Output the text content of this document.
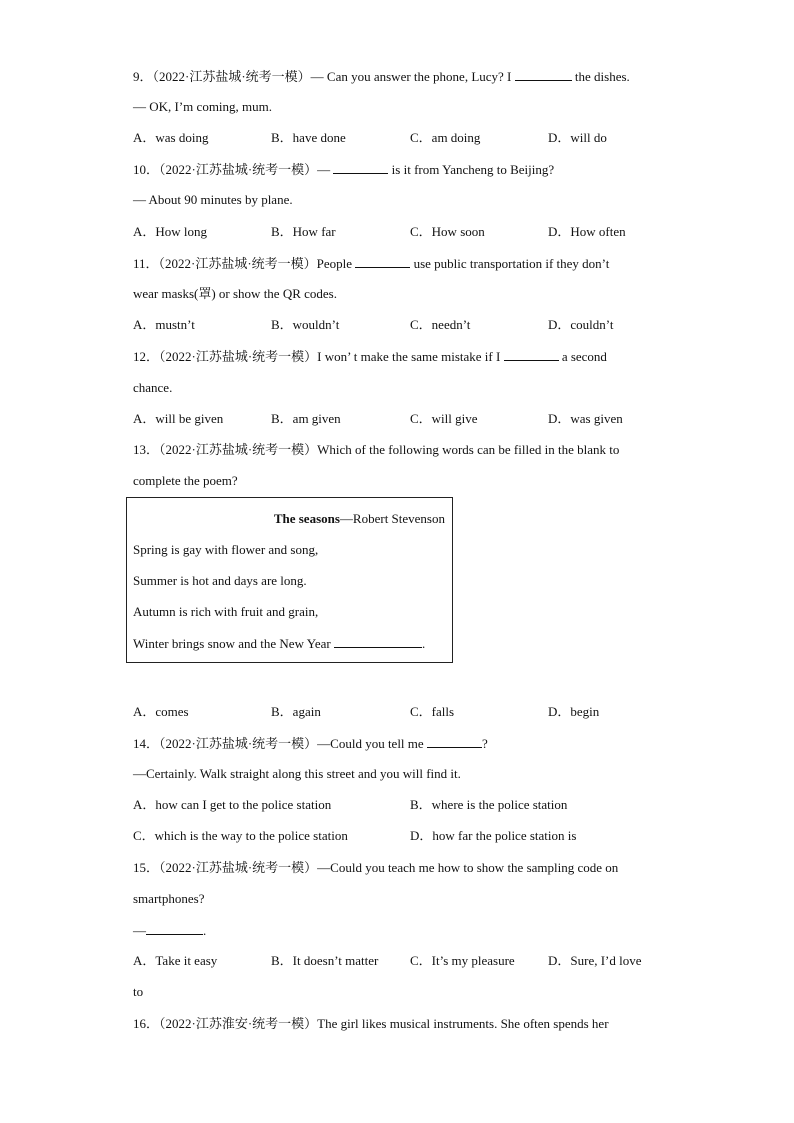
9．（2022·江苏盐城·统考一模）— Can you answer the phone, Lucy? I	the dishes.
— OK, I’m coming, mum.
A．was doing	B．have done	C．am doing	D．will do
10．（2022·江苏盐城·统考一模）—	is it from Yancheng to Beijing?
— About 90 minutes by plane.
A．How long	B．How far	C．How soon	D．How often
11．（2022·江苏盐城·统考一模）People	use public transportation if they don’t
wear masks(罩) or show the QR codes.
A．mustn’t	B．wouldn’t	C．needn’t	D．couldn’t
12．（2022·江苏盐城·统考一模）I won’ t make the same mistake if I	a second
chance.
A．will be given	B．am given	C．will give	D．was given
13．（2022·江苏盐城·统考一模）Which of the following words can be filled in the blank to
complete the poem?
The seasons—Robert Stevenson
Spring is gay with flower and song,
Summer is hot and days are long.
Autumn is rich with fruit and grain,
Winter brings snow and the New Year	.
A．comes	B．again	C．falls	D．begin
14．（2022·江苏盐城·统考一模）—Could you tell me	?
—Certainly. Walk straight along this street and you will find it.
A．how can I get to the police station	B．where is the police station
C．which is the way to the police station	D．how far the police station is
15．（2022·江苏盐城·统考一模）—Could you teach me how to show the sampling code on
smartphones?
—	.
A．Take it easy	B．It doesn’t matter C．It’s my pleasure	D．Sure, I’d love
to
16．（2022·江苏淮安·统考一模）The girl likes musical instruments. She often spends her
